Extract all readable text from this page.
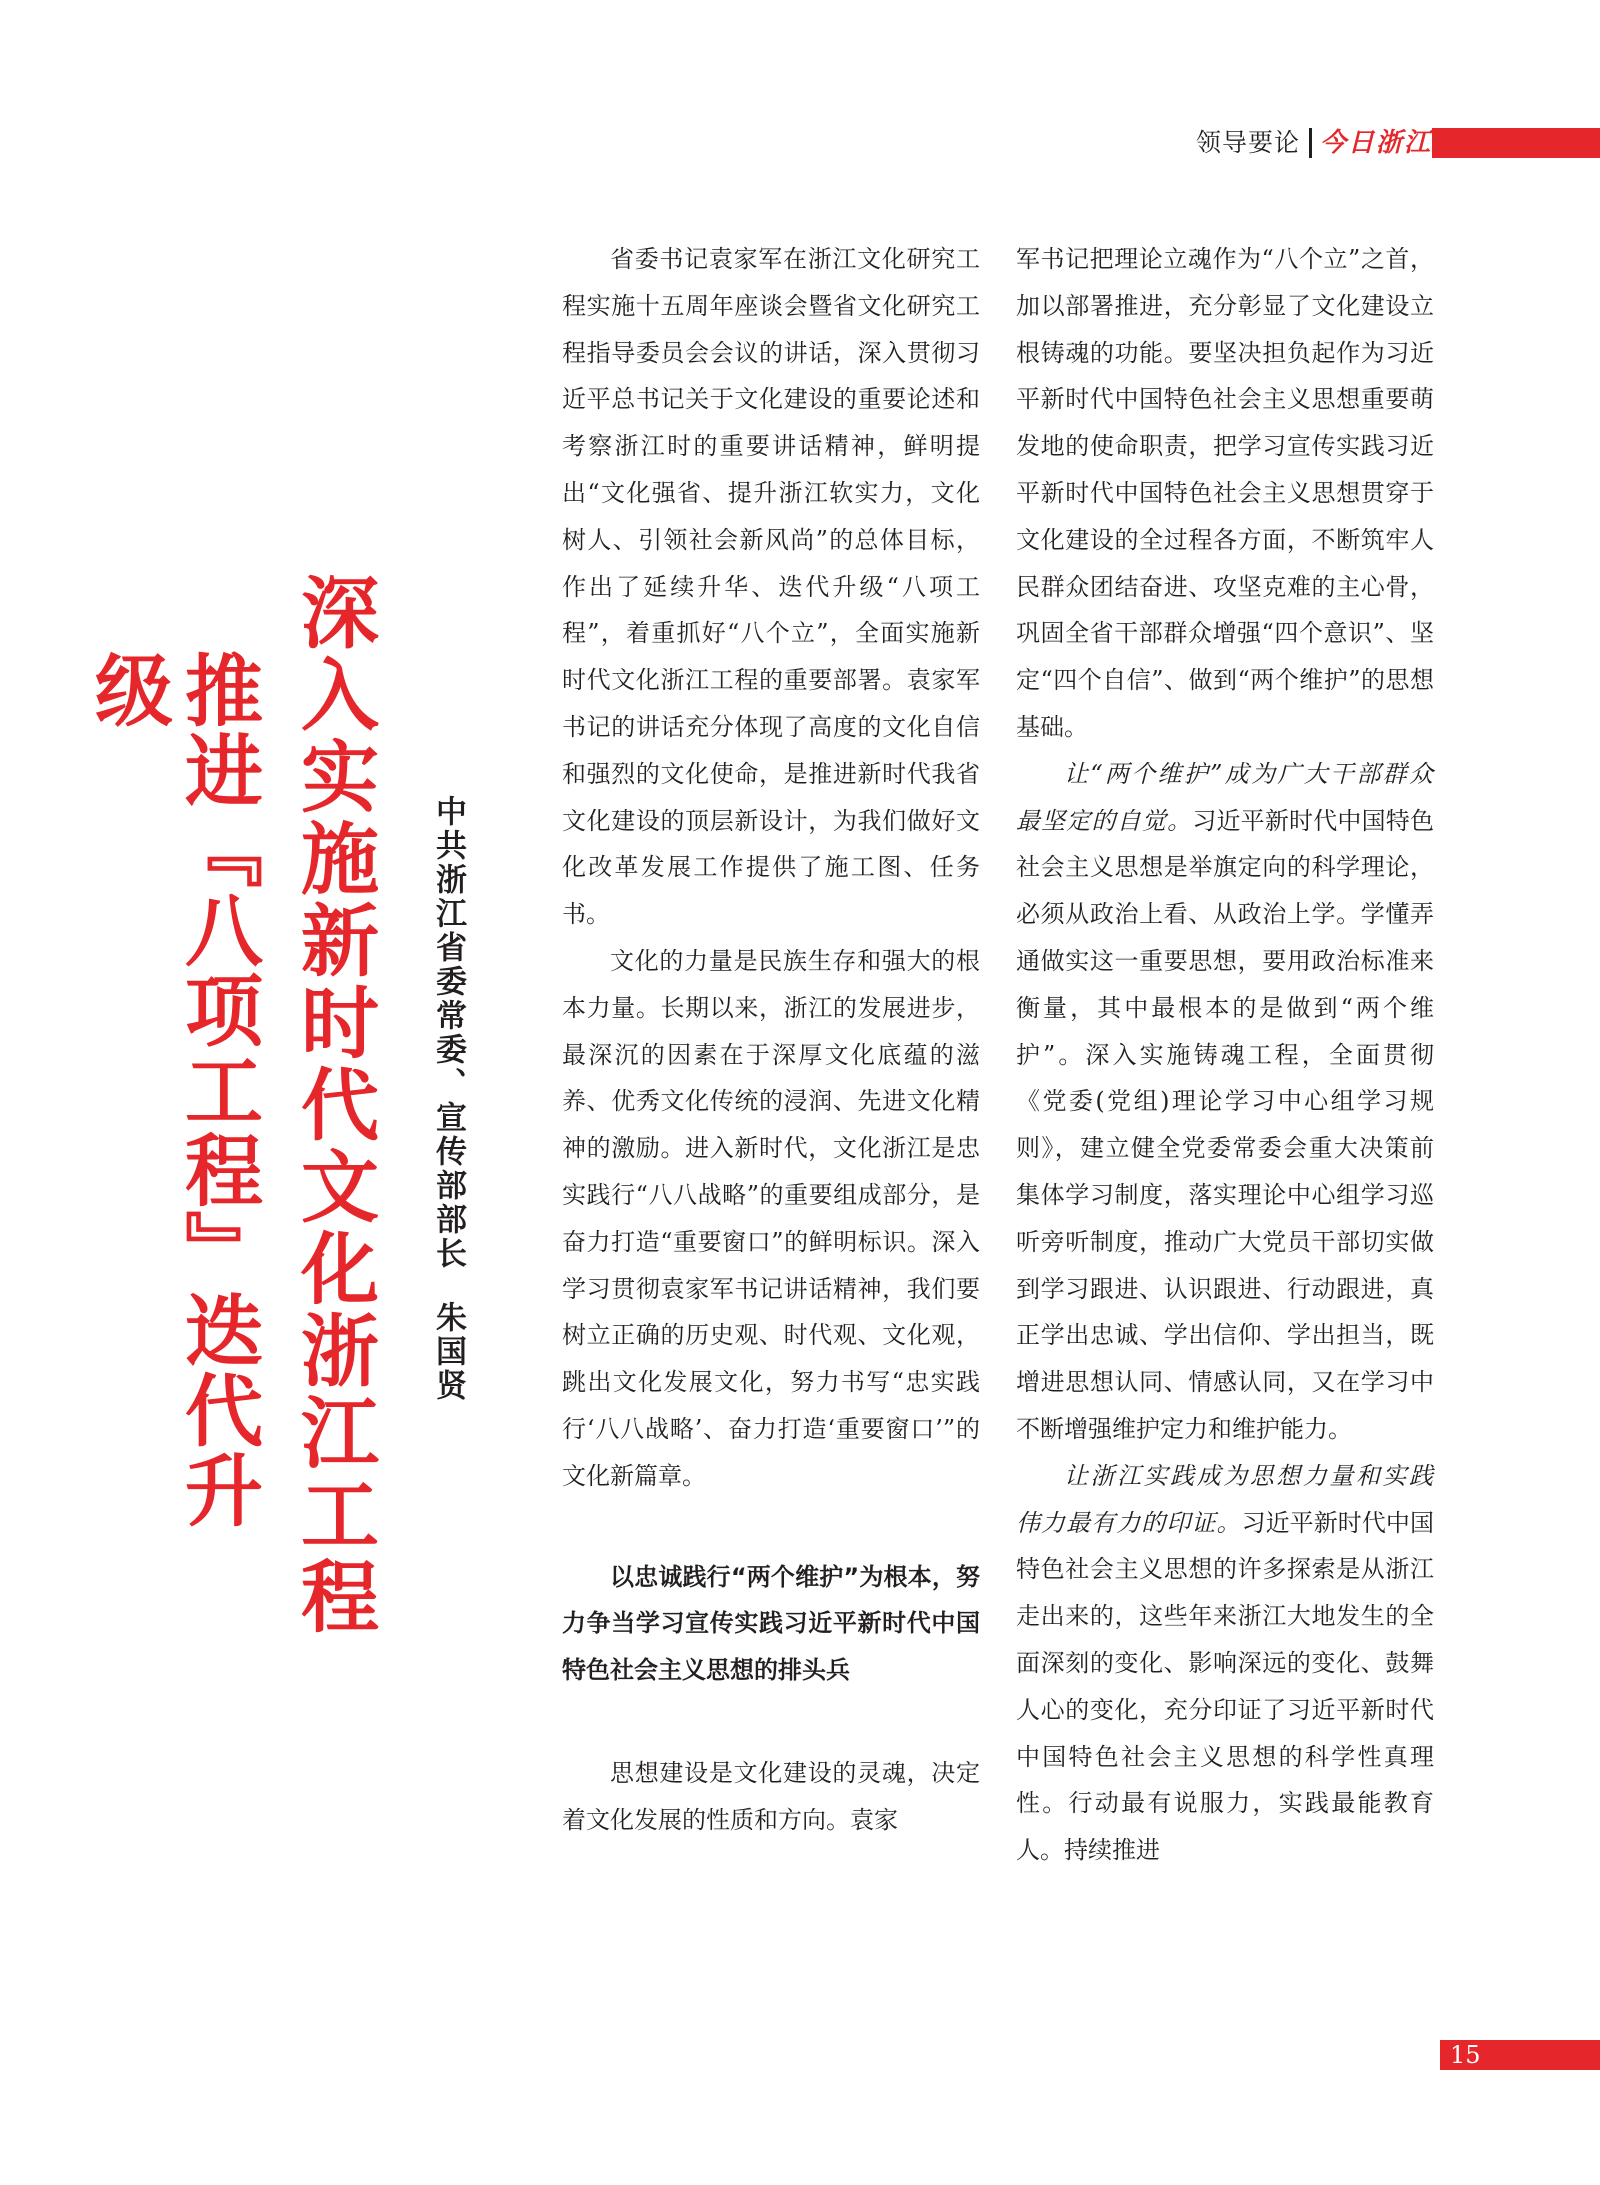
领导要论 今日浙江
深入实施新时代文化浙江工程
推进『八项工程』迭代升级
中共浙江省委常委、宣传部部长朱国贤

省委书记袁家军在浙江文化研究工程实施十五周年座谈会暨省文化研究工程指导委员会会议的讲话，深入贯彻习近平总书记关于文化建设的重要论述和考察浙江时的重要讲话精神，鲜明提出“文化强省、提升浙江软实力，文化树人、引领社会新风尚”的总体目标，作出了延续升华、迭代升级“八项工程”，着重抓好“八个立”，全面实施新时代文化浙江工程的重要部署。袁家军书记的讲话充分体现了高度的文化自信和强烈的文化使命，是推进新时代我省文化建设的顶层新设计，为我们做好文化改革发展工作提供了施工图、任务书。

文化的力量是民族生存和强大的根本力量。长期以来，浙江的发展进步，最深沉的因素在于深厚文化底蕴的滋养、优秀文化传统的浸润、先进文化精神的激励。进入新时代，文化浙江是忠实践行“八八战略”的重要组成部分，是奋力打造“重要窗口”的鲜明标识。深入学习贯彻袁家军书记讲话精神，我们要树立正确的历史观、时代观、文化观，跳出文化发展文化，努力书写“忠实践行‘八八战略’、奋力打造‘重要窗口’”的文化新篇章。

以忠诚践行“两个维护”为根本，努力争当学习宣传实践习近平新时代中国特色社会主义思想的排头兵

思想建设是文化建设的灵魂，决定着文化发展的性质和方向。袁家

军书记把理论立魂作为“八个立”之首，加以部署推进，充分彰显了文化建设立根铸魂的功能。要坚决担负起作为习近平新时代中国特色社会主义思想重要萌发地的使命职责，把学习宣传实践习近平新时代中国特色社会主义思想贯穿于文化建设的全过程各方面，不断筑牢人民群众团结奋进、攻坚克难的主心骨，巩固全省干部群众增强“四个意识”、坚定“四个自信”、做到“两个维护”的思想基础。

让“两个维护”成为广大干部群众最坚定的自觉。习近平新时代中国特色社会主义思想是举旗定向的科学理论，必须从政治上看、从政治上学。学懂弄通做实这一重要思想，要用政治标准来衡量，其中最根本的是做到“两个维护”。深入实施铸魂工程，全面贯彻《党委(党组)理论学习中心组学习规则》，建立健全党委常委会重大决策前集体学习制度，落实理论中心组学习巡听旁听制度，推动广大党员干部切实做到学习跟进、认识跟进、行动跟进，真正学出忠诚、学出信仰、学出担当，既增进思想认同、情感认同，又在学习中不断增强维护定力和维护能力。

让浙江实践成为思想力量和实践伟力最有力的印证。习近平新时代中国特色社会主义思想的许多探索是从浙江走出来的，这些年来浙江大地发生的全面深刻的变化、影响深远的变化、鼓舞人心的变化，充分印证了习近平新时代中国特色社会主义思想的科学性真理性。行动最有说服力，实践最能教育人。持续推进

15
